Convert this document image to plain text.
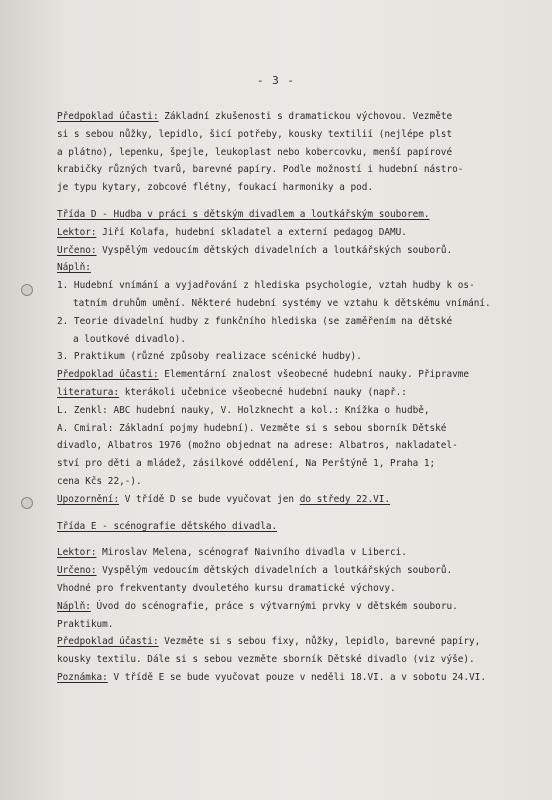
- 3 -
Předpoklad účasti: Základní zkušenosti s dramatickou výchovou. Vezměte
si s sebou nůžky, lepidlo, šicí potřeby, kousky textilií (nejlépe plst
a plátno), lepenku, špejle, leukoplast nebo kobercovku, menší papírové
krabičky různých tvarů, barevné papíry. Podle možností i hudební nástro-
je typu kytary, zobcové flétny, foukací harmoniky a pod.
Třída D - Hudba v práci s dětským divadlem a loutkářským souborem.
Lektor: Jiří Kolafa, hudební skladatel a externí pedagog DAMU.
Určeno: Vyspělým vedoucím dětských divadelních a loutkářských souborů.
Náplň:
1. Hudební vnímání a vyjadřování z hlediska psychologie, vztah hudby k os-
tatním druhům umění. Některé hudební systémy ve vztahu k dětskému vnímání.
2. Teorie divadelní hudby z funkčního hlediska (se zaměřením na dětské
a loutkové divadlo).
3. Praktikum (různé způsoby realizace scénické hudby).
Předpoklad účasti: Elementární znalost všeobecné hudební nauky. Připravme
literatura: kterákoli učebnice všeobecné hudební nauky (např.:
L. Zenkl: ABC hudební nauky, V. Holzknecht a kol.: Knížka o hudbě,
A. Cmiral: Základní pojmy hudební). Vezměte si s sebou sborník Dětské
divadlo, Albatros 1976 (možno objednat na adrese: Albatros, nakladatel-
ství pro děti a mládež, zásilkové oddělení, Na Perštýně 1, Praha 1;
cena Kčs 22,-).
Upozornění: V třídě D se bude vyučovat jen do středy 22.VI.
Třída E - scénografie dětského divadla.
Lektor: Miroslav Melena, scénograf Naivního divadla v Liberci.
Určeno: Vyspělým vedoucím dětských divadelních a loutkářských souborů.
Vhodné pro frekventanty dvouletého kursu dramatické výchovy.
Náplň: Úvod do scénografie, práce s výtvarnými prvky v dětském souboru.
Praktikum.
Předpoklad účasti: Vezměte si s sebou fixy, nůžky, lepidlo, barevné papíry,
kousky textilu. Dále si s sebou vezměte sborník Dětské divadlo (viz výše).
Poznámka: V třídě E se bude vyučovat pouze v neděli 18.VI. a v sobotu 24.VI.
